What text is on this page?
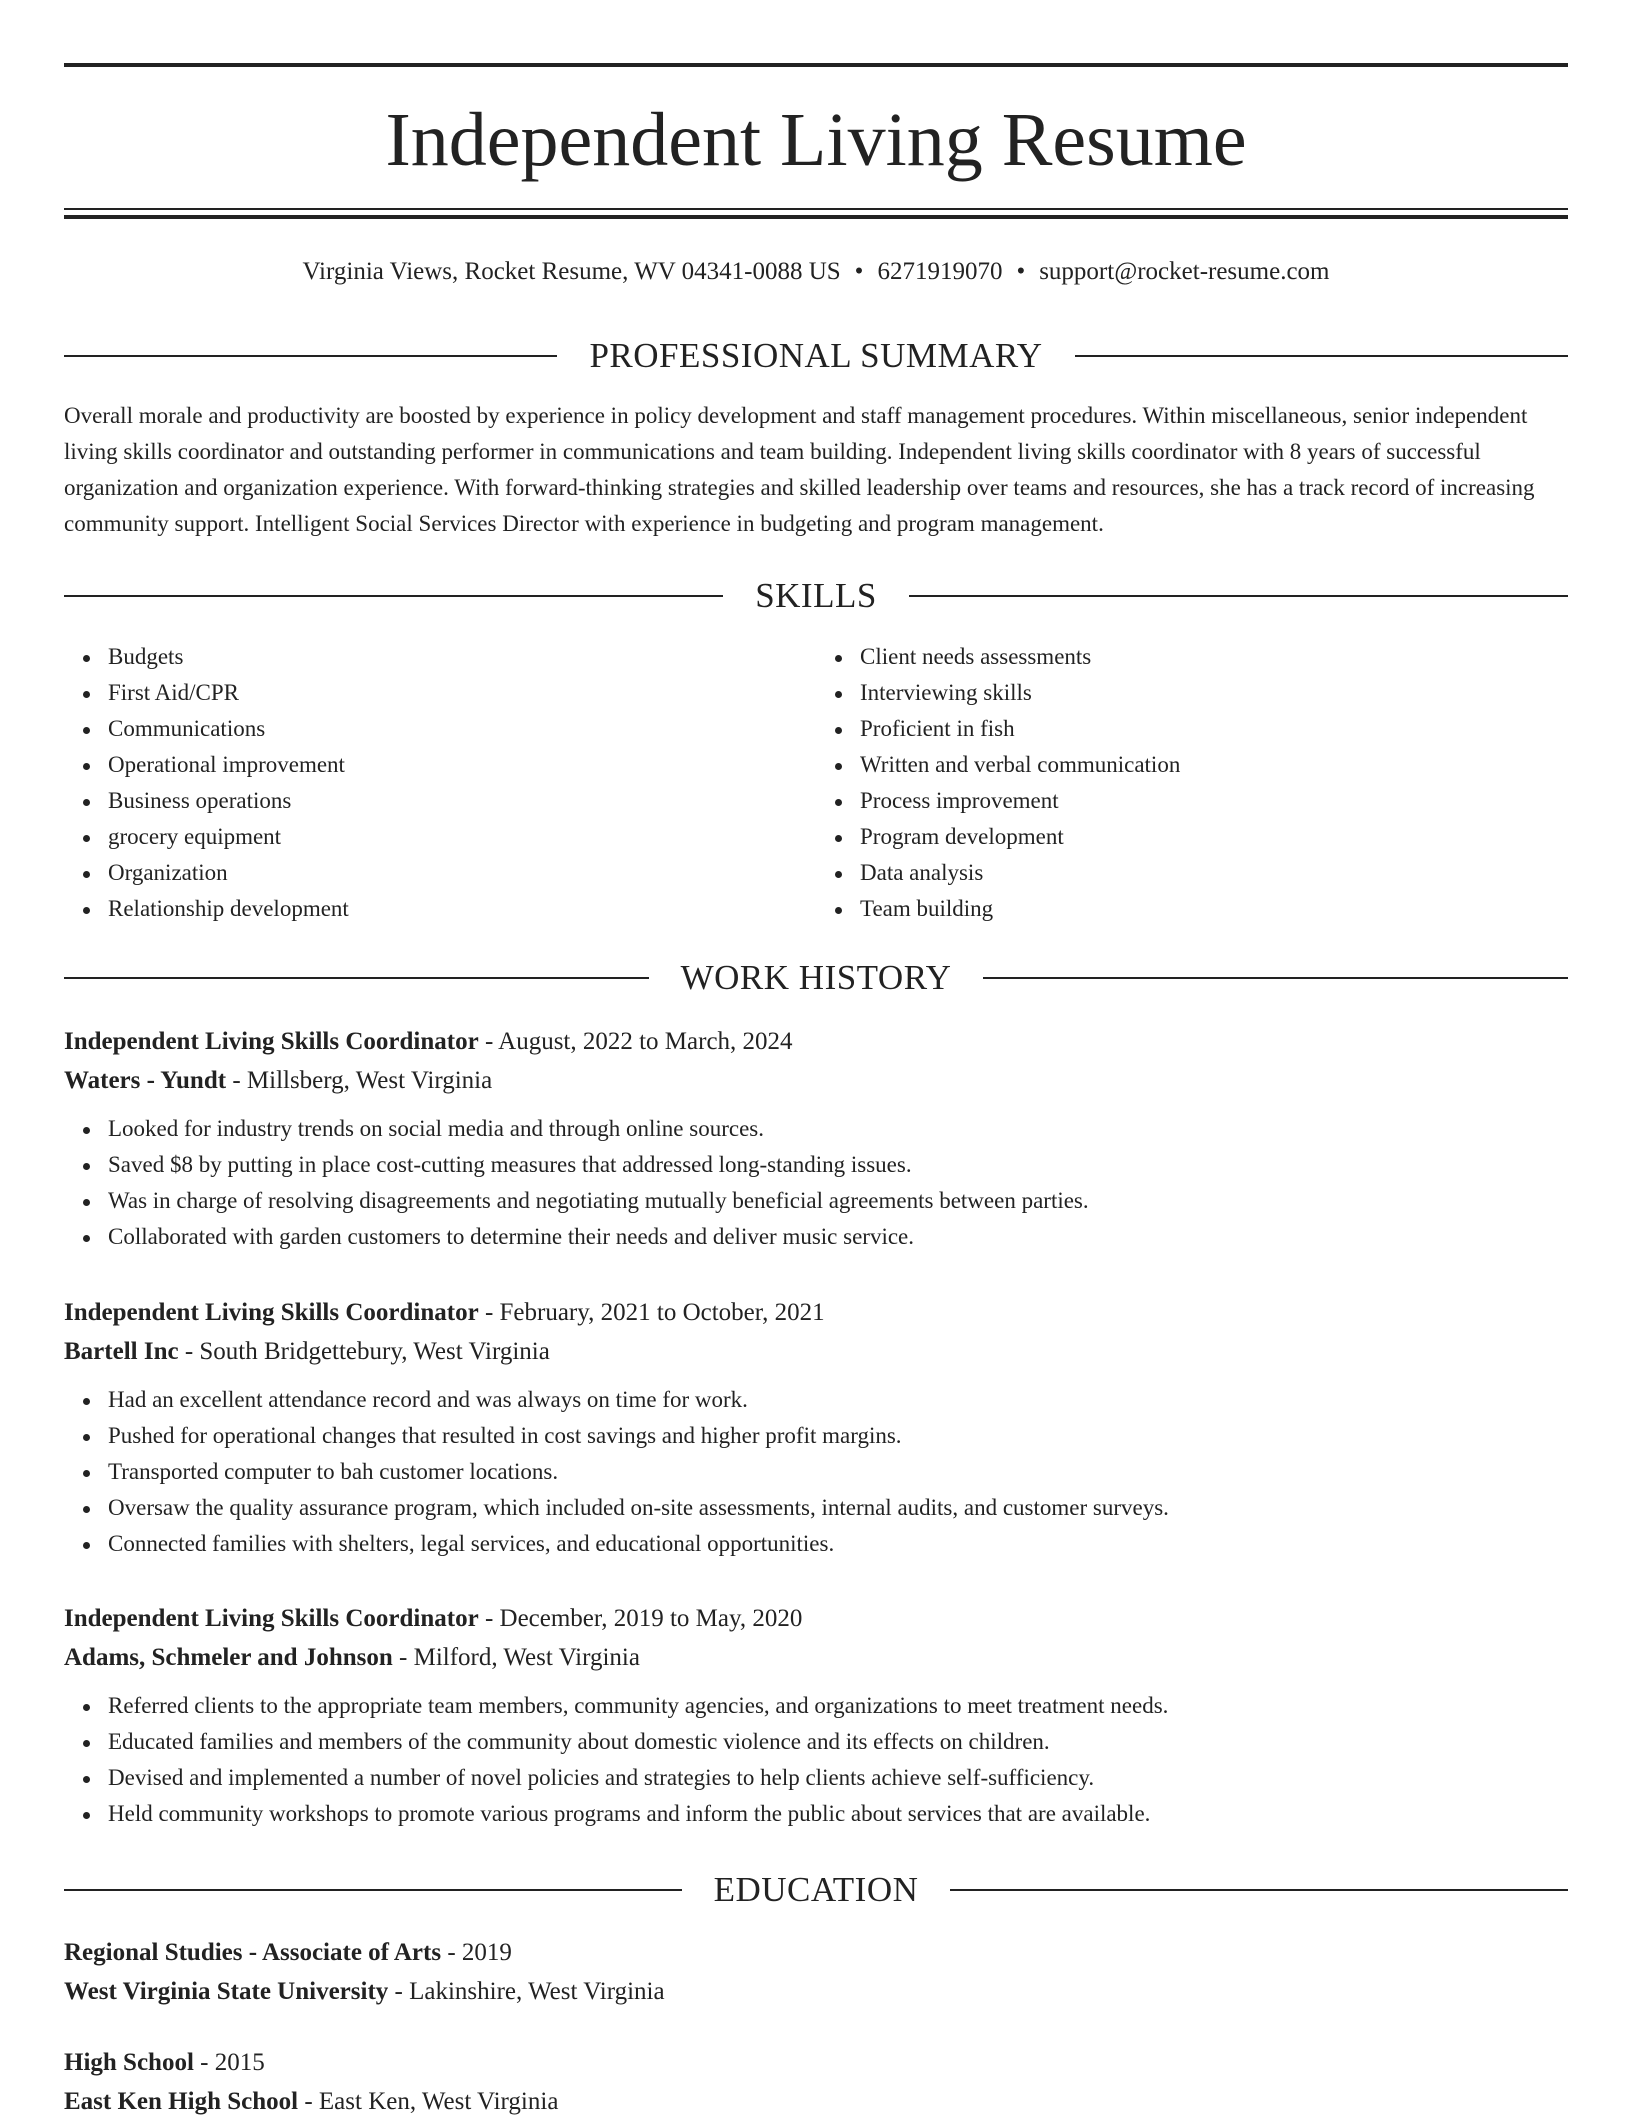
Independent Living Resume
Virginia Views, Rocket Resume, WV 04341-0088 US • 6271919070 • support@rocket-resume.com
PROFESSIONAL SUMMARY
Overall morale and productivity are boosted by experience in policy development and staff management procedures. Within miscellaneous, senior independent living skills coordinator and outstanding performer in communications and team building. Independent living skills coordinator with 8 years of successful organization and organization experience. With forward-thinking strategies and skilled leadership over teams and resources, she has a track record of increasing community support. Intelligent Social Services Director with experience in budgeting and program management.
SKILLS
Budgets
First Aid/CPR
Communications
Operational improvement
Business operations
grocery equipment
Organization
Relationship development
Client needs assessments
Interviewing skills
Proficient in fish
Written and verbal communication
Process improvement
Program development
Data analysis
Team building
WORK HISTORY
Independent Living Skills Coordinator - August, 2022 to March, 2024
Waters - Yundt - Millsberg, West Virginia
Looked for industry trends on social media and through online sources.
Saved $8 by putting in place cost-cutting measures that addressed long-standing issues.
Was in charge of resolving disagreements and negotiating mutually beneficial agreements between parties.
Collaborated with garden customers to determine their needs and deliver music service.
Independent Living Skills Coordinator - February, 2021 to October, 2021
Bartell Inc - South Bridgettebury, West Virginia
Had an excellent attendance record and was always on time for work.
Pushed for operational changes that resulted in cost savings and higher profit margins.
Transported computer to bah customer locations.
Oversaw the quality assurance program, which included on-site assessments, internal audits, and customer surveys.
Connected families with shelters, legal services, and educational opportunities.
Independent Living Skills Coordinator - December, 2019 to May, 2020
Adams, Schmeler and Johnson - Milford, West Virginia
Referred clients to the appropriate team members, community agencies, and organizations to meet treatment needs.
Educated families and members of the community about domestic violence and its effects on children.
Devised and implemented a number of novel policies and strategies to help clients achieve self-sufficiency.
Held community workshops to promote various programs and inform the public about services that are available.
EDUCATION
Regional Studies - Associate of Arts - 2019
West Virginia State University - Lakinshire, West Virginia
High School - 2015
East Ken High School - East Ken, West Virginia
